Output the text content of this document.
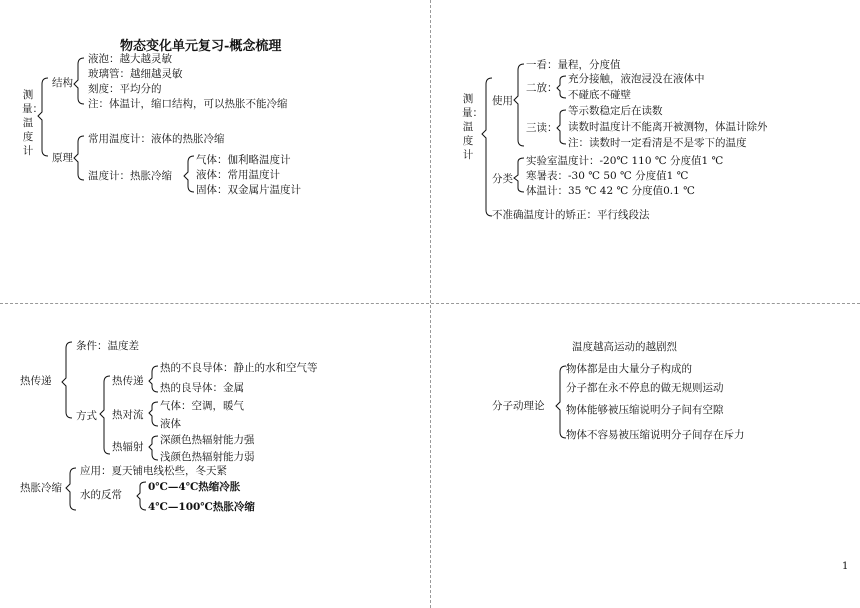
物态变化单元复习-概念梳理
测
量：
温
度
计
结构
液泡：越大越灵敏
玻璃管：越细越灵敏
刻度：平均分的
注：体温计，缩口结构，可以热胀不能冷缩
原理
常用温度计：液体的热胀冷缩
温度计：热胀冷缩
气体：伽利略温度计
液体：常用温度计
固体：双金属片温度计
测
量：
温
度
计
使用
一看：量程，分度值
二放：
充分接触，液泡浸没在液体中
不碰底不碰壁
三读：
等示数稳定后在读数
读数时温度计不能离开被测物，体温计除外
注：读数时一定看清是不是零下的温度
分类
实验室温度计：-20℃ 110 ℃ 分度值1 ℃
寒暑表：-30 ℃ 50 ℃ 分度值1 ℃
体温计：35 ℃ 42 ℃ 分度值0.1 ℃
不准确温度计的矫正：平行线段法
热传递
条件：温度差
方式
热传递
热的不良导体：静止的水和空气等
热的良导体：金属
热对流
气体：空调，暖气
液体
热辐射
深颜色热辐射能力强
浅颜色热辐射能力弱
热胀冷缩
应用：夏天铺电线松些，冬天紧
水的反常
0℃—4℃热缩冷胀
4℃—100℃热胀冷缩
温度越高运动的越剧烈
分子动理论
物体都是由大量分子构成的
分子都在永不停息的做无规则运动
物体能够被压缩说明分子间有空隙
物体不容易被压缩说明分子间存在斥力
1
